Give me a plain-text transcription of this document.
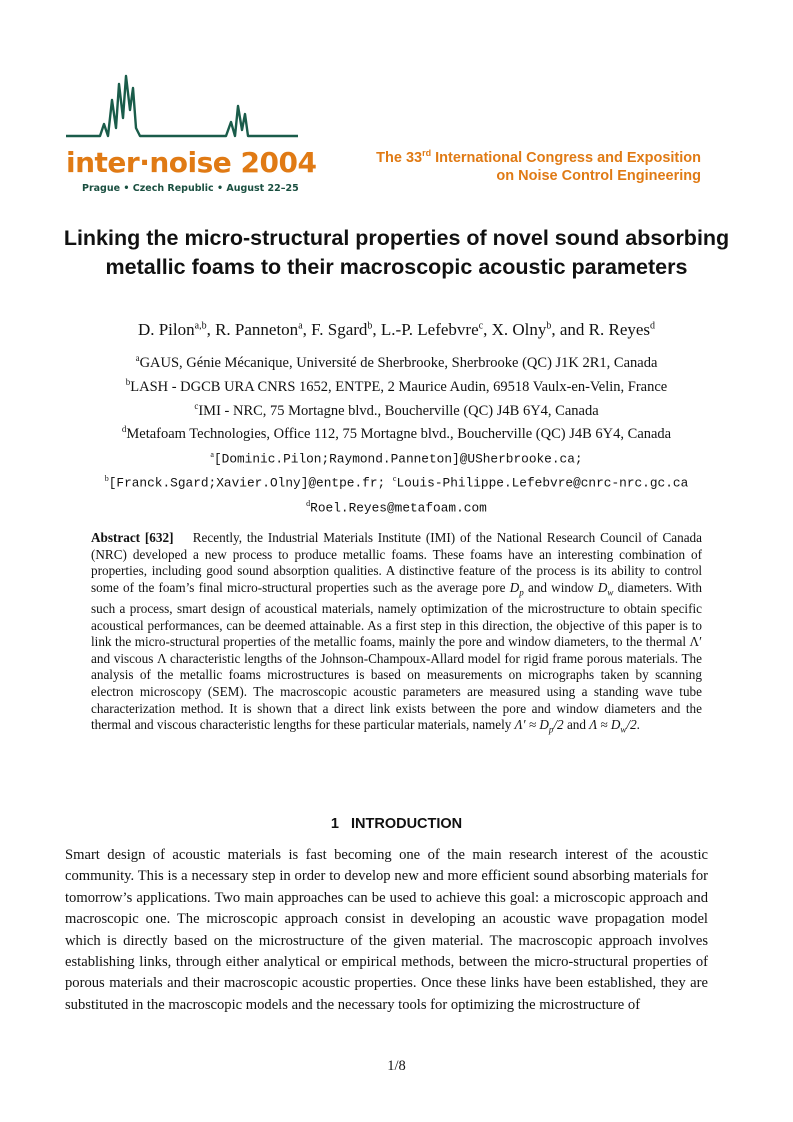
inter·noise 2004
Prague • Czech Republic • August 22–25
The 33rd International Congress and Exposition
on Noise Control Engineering
Linking the micro-structural properties of novel sound absorbing metallic foams to their macroscopic acoustic parameters
D. Pilon$^{a,b}$, R. Panneton$^a$, F. Sgard$^b$, L.-P. Lefebvre$^c$, X. Olny$^b$, and R. Reyes$^d$
$^a$GAUS, Génie Mécanique, Université de Sherbrooke, Sherbrooke (QC) J1K 2R1, Canada
$^b$LASH - DGCB URA CNRS 1652, ENTPE, 2 Maurice Audin, 69518 Vaulx-en-Velin, France
$^c$IMI - NRC, 75 Mortagne blvd., Boucherville (QC) J4B 6Y4, Canada
$^d$Metafoam Technologies, Office 112, 75 Mortagne blvd., Boucherville (QC) J4B 6Y4, Canada
$^a$[Dominic.Pilon;Raymond.Panneton]@USherbrooke.ca;
$^b$[Franck.Sgard;Xavier.Olny]@entpe.fr; $^c$Louis-Philippe.Lefebvre@cnrc-nrc.gc.ca
$^d$Roel.Reyes@metafoam.com
Abstract [632] Recently, the Industrial Materials Institute (IMI) of the National Research Council of Canada (NRC) developed a new process to produce metallic foams. These foams have an interesting combination of properties, including good sound absorption qualities. A distinctive feature of the process is its ability to control some of the foam’s final micro-structural properties such as the average pore $D_p$ and window $D_w$ diameters. With such a process, smart design of acoustical materials, namely optimization of the microstructure to obtain specific acoustical performances, can be deemed attainable. As a first step in this direction, the objective of this paper is to link the micro-structural properties of the metallic foams, mainly the pore and window diameters, to the thermal Λ′ and viscous Λ characteristic lengths of the Johnson-Champoux-Allard model for rigid frame porous materials. The analysis of the metallic foams microstructures is based on measurements on micrographs taken by scanning electron microscopy (SEM). The macroscopic acoustic parameters are measured using a standing wave tube characterization method. It is shown that a direct link exists between the pore and window diameters and the thermal and viscous characteristic lengths for these particular materials, namely $\Lambda' \approx D_p/2$ and $\Lambda \approx D_w/2$.
1   INTRODUCTION
Smart design of acoustic materials is fast becoming one of the main research interest of the acoustic community. This is a necessary step in order to develop new and more efficient sound absorbing materials for tomorrow’s applications. Two main approaches can be used to achieve this goal: a microscopic approach and macroscopic one. The microscopic approach consist in developing an acoustic wave propagation model which is directly based on the microstructure of the given material. The macroscopic approach involves establishing links, through either analytical or empirical methods, between the micro-structural properties of porous materials and their macroscopic acoustic properties. Once these links have been established, they are substituted in the macroscopic models and the necessary tools for optimizing the microstructure of
1/8
